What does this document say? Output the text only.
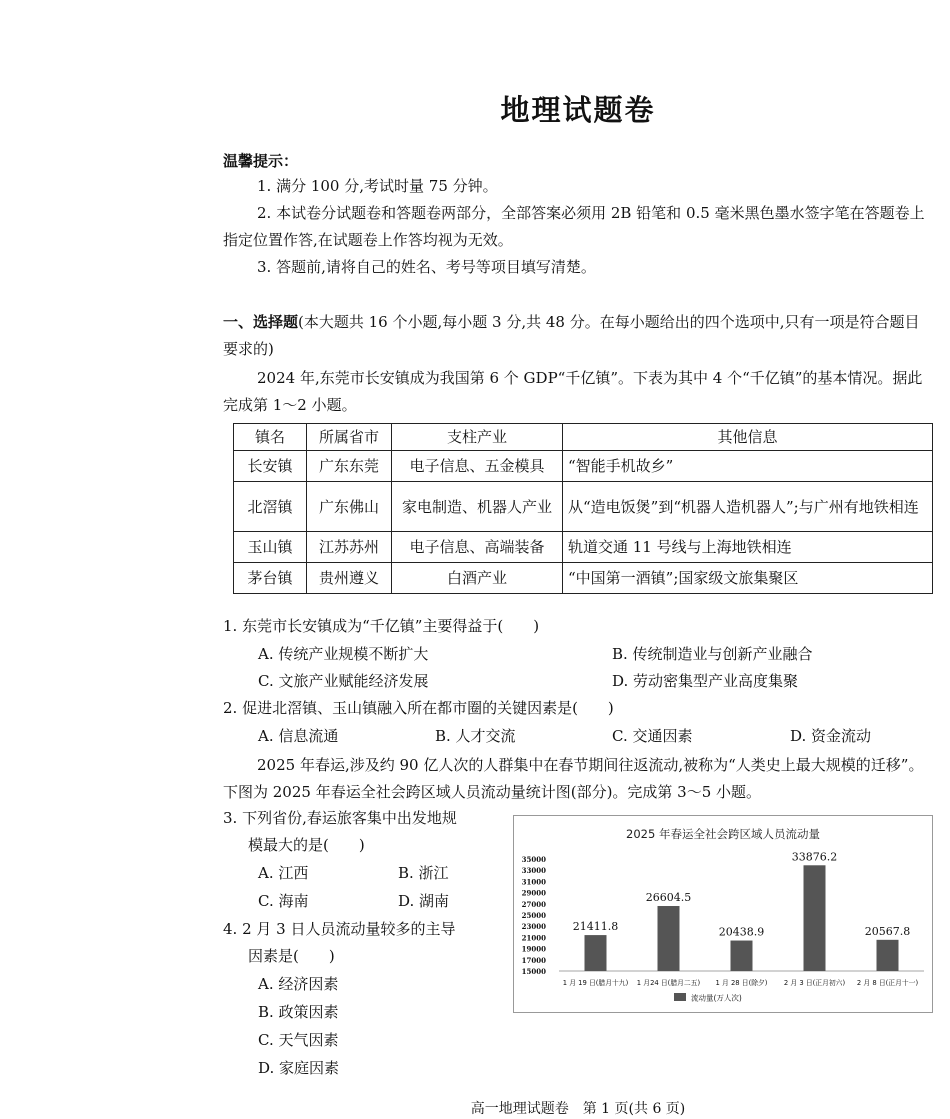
地理试题卷
温馨提示：
1. 满分 100 分,考试时量 75 分钟。
2. 本试卷分试题卷和答题卷两部分，全部答案必须用 2B 铅笔和 0.5 毫米黑色墨水签字笔在答题卷上指定位置作答,在试题卷上作答均视为无效。
3. 答题前,请将自己的姓名、考号等项目填写清楚。
一、选择题(本大题共 16 个小题,每小题 3 分,共 48 分。在每小题给出的四个选项中,只有一项是符合题目要求的)
2024 年,东莞市长安镇成为我国第 6 个 GDP“千亿镇”。下表为其中 4 个“千亿镇”的基本情况。据此完成第 1～2 小题。
镇名	所属省市	支柱产业	其他信息
长安镇	广东东莞	电子信息、五金模具	“智能手机故乡”
北滘镇	广东佛山	家电制造、机器人产业	从“造电饭煲”到“机器人造机器人”;与广州有地铁相连
玉山镇	江苏苏州	电子信息、高端装备	轨道交通 11 号线与上海地铁相连
茅台镇	贵州遵义	白酒产业	“中国第一酒镇”;国家级文旅集聚区
1. 东莞市长安镇成为“千亿镇”主要得益于(　　)
A. 传统产业规模不断扩大	B. 传统制造业与创新产业融合
C. 文旅产业赋能经济发展	D. 劳动密集型产业高度集聚
2. 促进北滘镇、玉山镇融入所在都市圈的关键因素是(　　)
A. 信息流通	B. 人才交流	C. 交通因素	D. 资金流动
2025 年春运,涉及约 90 亿人次的人群集中在春节期间往返流动,被称为“人类史上最大规模的迁移”。下图为 2025 年春运全社会跨区域人员流动量统计图(部分)。完成第 3～5 小题。
3. 下列省份,春运旅客集中出发地规
模最大的是(　　)
A. 江西	B. 浙江
C. 海南	D. 湖南
4. 2 月 3 日人员流动量较多的主导
因素是(　　)
A. 经济因素
B. 政策因素
C. 天气因素
D. 家庭因素
2025 年春运全社会跨区域人员流动量
35000
33000
31000
29000
27000
25000
23000
21000
19000
17000
15000
21411.8
1 月 19 日(腊月十九)
26604.5
1 月24 日(腊月二五)
20438.9
1 月 28 日(除夕)
33876.2
2 月 3 日(正月初六)
20567.8
2 月 8 日(正月十一)
流动量(万人次)
高一地理试题卷　第 1 页(共 6 页)
